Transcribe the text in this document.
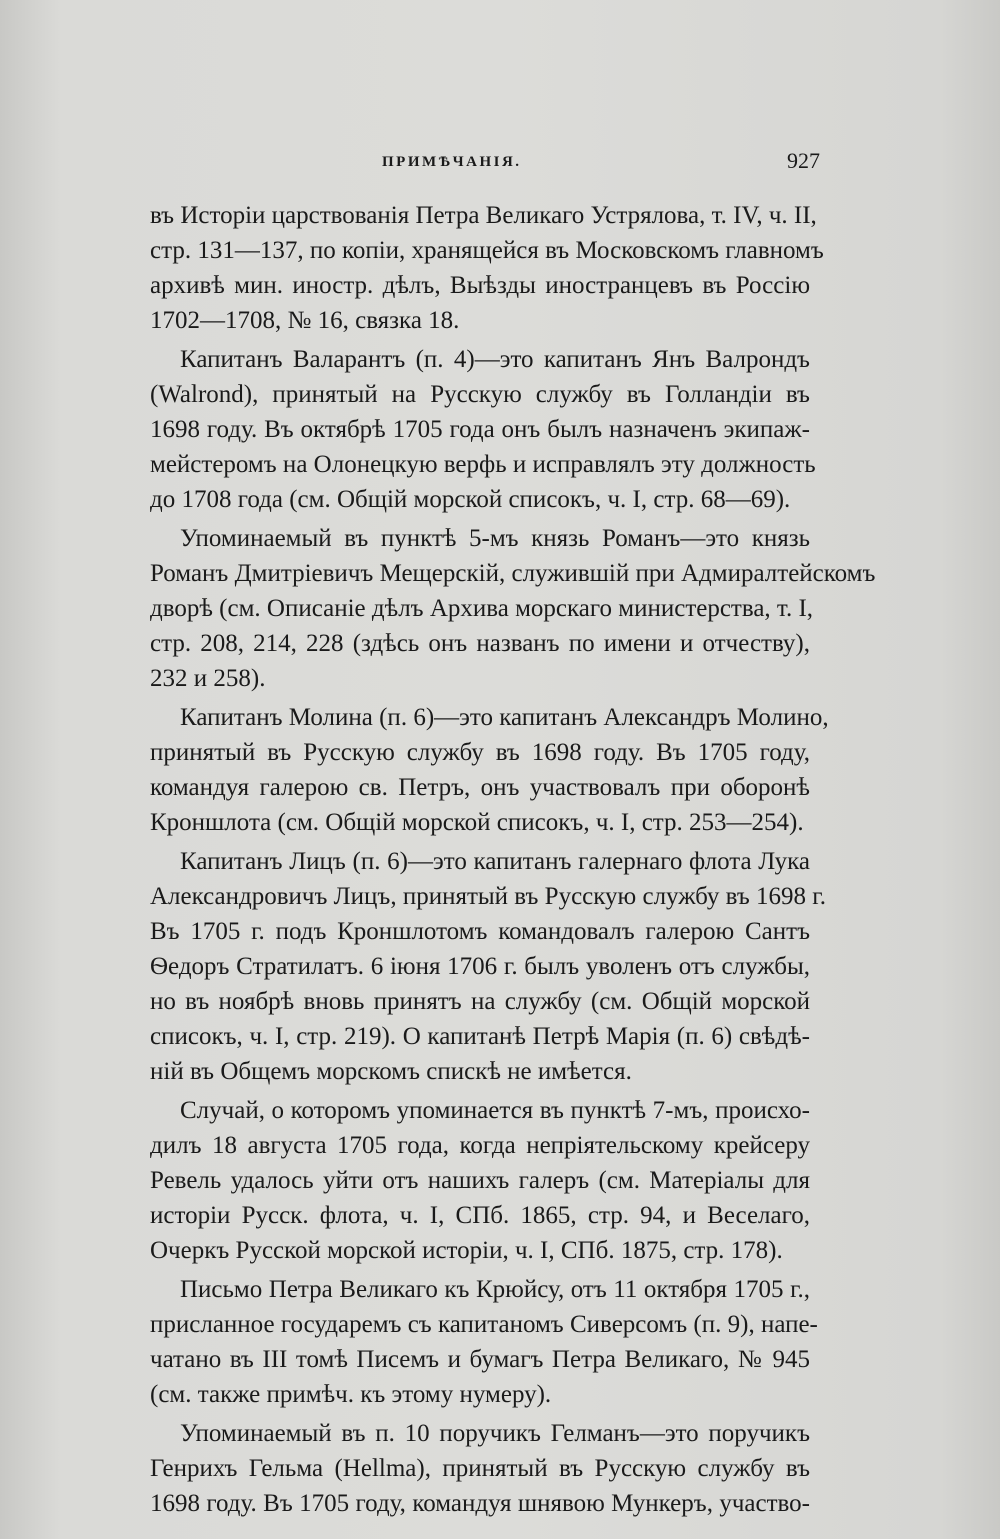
ПРИМѢЧАНІЯ.	927
въ Исторіи царствованія Петра Великаго Устрялова, т. IV, ч. II,
стр. 131—137, по копіи, хранящейся въ Московскомъ главномъ
архивѣ мин. иностр. дѣлъ, Выѣзды иностранцевъ въ Россію
1702—1708, № 16, связка 18.
Капитанъ Валарантъ (п. 4)—это капитанъ Янъ Валрондъ
(Walrond), принятый на Русскую службу въ Голландіи въ
1698 году. Въ октябрѣ 1705 года онъ былъ назначенъ экипаж-
мейстеромъ на Олонецкую верфь и исправлялъ эту должность
до 1708 года (см. Общій морской списокъ, ч. I, стр. 68—69).
Упоминаемый въ пунктѣ 5-мъ князь Романъ—это князь
Романъ Дмитріевичъ Мещерскій, служившій при Адмиралтейскомъ
дворѣ (см. Описаніе дѣлъ Архива морскаго министерства, т. I,
стр. 208, 214, 228 (здѣсь онъ названъ по имени и отчеству),
232 и 258).
Капитанъ Молина (п. 6)—это капитанъ Александръ Молино,
принятый въ Русскую службу въ 1698 году. Въ 1705 году,
командуя галерою св. Петръ, онъ участвовалъ при оборонѣ
Кроншлота (см. Общій морской списокъ, ч. I, стр. 253—254).
Капитанъ Лицъ (п. 6)—это капитанъ галернаго флота Лука
Александровичъ Лицъ, принятый въ Русскую службу въ 1698 г.
Въ 1705 г. подъ Кроншлотомъ командовалъ галерою Сантъ
Ѳедоръ Стратилатъ. 6 іюня 1706 г. былъ уволенъ отъ службы,
но въ ноябрѣ вновь принятъ на службу (см. Общій морской
списокъ, ч. I, стр. 219). О капитанѣ Петрѣ Марія (п. 6) свѣдѣ-
ній въ Общемъ морскомъ спискѣ не имѣется.
Случай, о которомъ упоминается въ пунктѣ 7-мъ, происхо-
дилъ 18 августа 1705 года, когда непріятельскому крейсеру
Ревель удалось уйти отъ нашихъ галеръ (см. Матеріалы для
исторіи Русск. флота, ч. I, СПб. 1865, стр. 94, и Веселаго,
Очеркъ Русской морской исторіи, ч. I, СПб. 1875, стр. 178).
Письмо Петра Великаго къ Крюйсу, отъ 11 октября 1705 г.,
присланное государемъ съ капитаномъ Сиверсомъ (п. 9), напе-
чатано въ III томѣ Писемъ и бумагъ Петра Великаго, № 945
(см. также примѣч. къ этому нумеру).
Упоминаемый въ п. 10 поручикъ Гелманъ—это поручикъ
Генрихъ Гельма (Hellma), принятый въ Русскую службу въ
1698 году. Въ 1705 году, командуя шнявою Мункеръ, участво-
